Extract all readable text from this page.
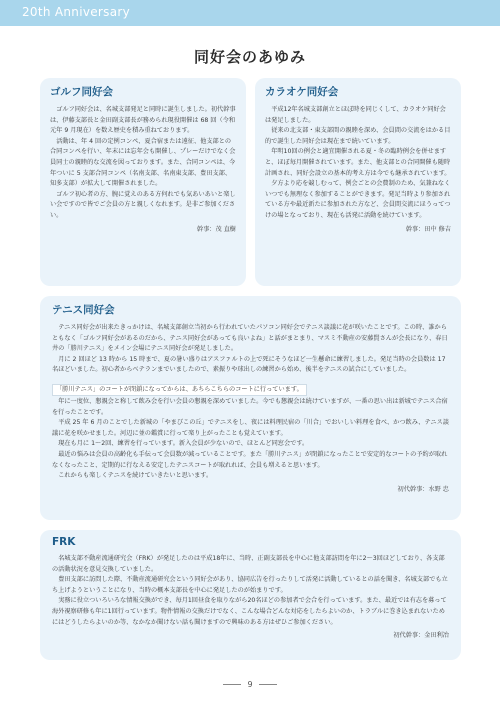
20th Anniversary
同好会のあゆみ
ゴルフ同好会

ゴルフ同好会は、名城支部発足と同時に誕生しました。初代幹事は、伊藤支部長と金田副支部長が務められ現役開催は 68 回（令和元年 9 月現在）を数え歴史を積み重ねております。

活動は、年 4 回の定例コンペ、夏合宿または遠征、他支部との合同コンペを行い、年末には忘年会も開催し、プレーだけでなく会員同士の親睦的な交流を図っております。また、合同コンペは、今年ついに 5 支部合同コンペ（名南支部、名南東支部、豊田支部、知多支部）が拡大して開催されました。

ゴルフ初心者の方、腕に覚えのある方何れでも気あいあいと楽しい会ですので皆でご会員の方と親しくなれます。是非ご参加ください。

幹事：茂 直樹
カラオケ同好会

平成12年名城支部創立とほぼ時を同じくして、カラオケ同好会は発足しました。

従来の北支部・東支部間の親睦を深め、会員間の交流をはかる目的で誕生した同好会は現在まで続いています。

年明10回の例会と適宜開催される夏・冬の臨時例会を併せますと、ほぼ毎月開催されています。また、他支部との合同開催も随時計画され、同好会設立の基本的考え方は今でも継承されています。

夕方より応を競しむって、例会ごとの会費制のため、気兼ねなくいつでも無理なく参加することができます。発足当時より参加されている方や最近新たに参加された方など、会員間交流にほうってつけの場となっており、現在も活発に活動を続けています。

幹事：田中 修吉
テニス同好会

テニス同好会が出来たきっかけは、名城支部創立当初から行われていたパソコン同好会でテニス談議に花が咲いたことです。この時、誰からともなく「ゴルフ同好会があるのだから、テニス同好会があっても良いよね」と話がまとまり、マスミ不動産の安藤賢さんが会長になり、春日井の「勝川テニス」をメイン会場にテニス同好会が発足しました。

月に 2 回ほど 13 時から 15 時まで、夏の暑い盛りはアスファルトの上で死にそうなほど一生懸命に練習しました。発足当時の会員数は 17 名ほどいました。初心者からベテランまでいましたので、素振りや球出しの練習から始め、後半をテニスの試合にしていました。

「勝川テニス」のコートが閉鎖になってからは、あちらこちらのコートに行っています。

年に一度位、懇親会と称して飲み会を行い会員の懇親を深めていました。今でも懇親会は続けていますが、一番の思い出は新城でテニス合宿を行ったことです。

平成 25 年 6 月のことでした新城の「やまびこの丘」でテニスをし、夜には料理民宿の「川合」でおいしい料理を食べ、かつ飲み、テニス談議に花を咲かせました。河辺に並の鑑賞に行って楽り上がったことも覚えています。

現在も月に 1〜2回、練習を行っています。新入会員が少ないので、ほとんど同窓会です。

最近の悩みは会員の高齢化も手伝って会員数が減っていることです。また「勝川テニス」が閉鎖になったことで安定的なコートの予約が取れなくなったこと、定期的に行なえる安定したテニスコートが取れれば、会員も増えると思います。

これからも楽しくテニスを続けていきたいと思います。

初代幹事：水野 忠
FRK

名城支部不動産流通研究会（FRK）が発足したのは平成18年に、当時、正副支部長を中心に他支部訪問を年に2〜3回ほどしており、各支部の活動状況を意見交換していました。

豊田支部に訪問した際、不動産流通研究会という同好会があり、協同広告を行ったりして活発に活動しているとの話を聞き、名城支部でも立ち上げようということになり、当時の概本支部長を中心に発足したのが始まりです。

実務に役立ついろいろな情報交換ができ、毎月1回昼食を取りながら20名ほどの参加者で会合を行っています。また、最近では有志を募って海外視察研修も年に1回行っています。物件情報の交換だけでなく、こんな場合どんな対応をしたらよいのか、トラブルに巻き込まれないためにはどうしたらよいのか等、なかなか聞けない話も聞けますので興味のある方はぜひご参加ください。

初代幹事：金田利冶
9
